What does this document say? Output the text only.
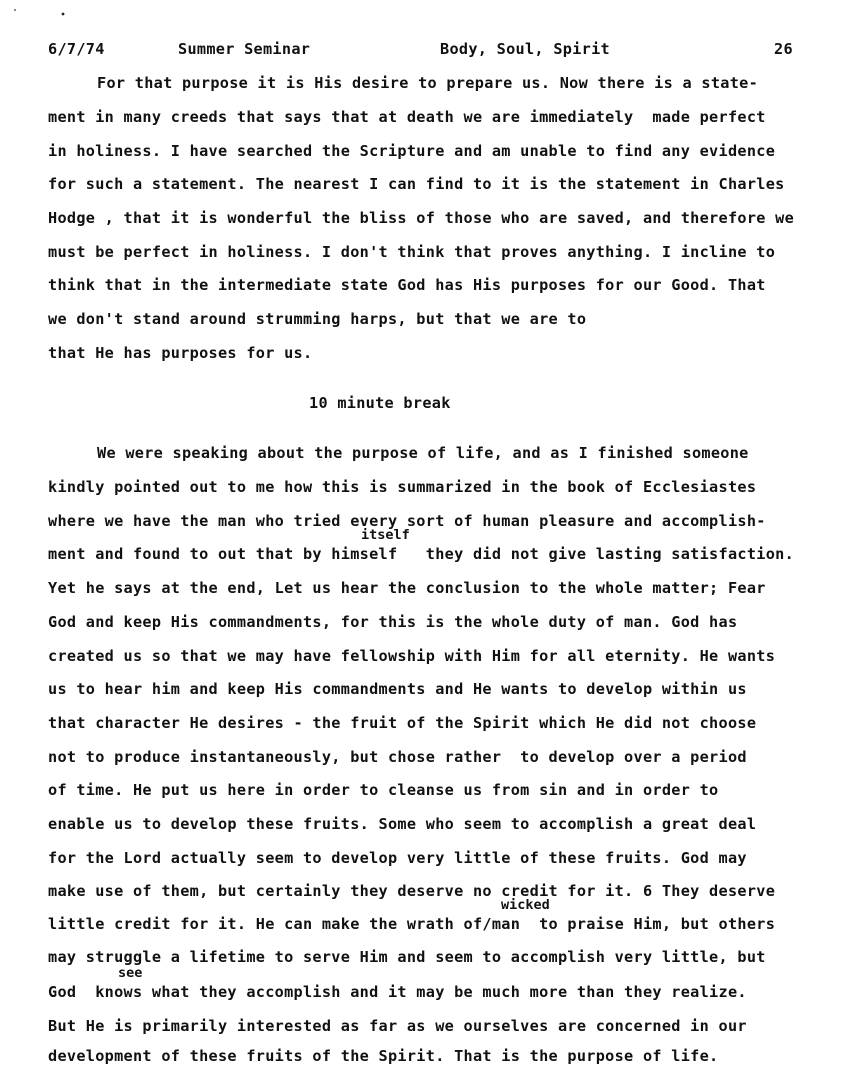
6/7/74	Summer Seminar	Body, Soul, Spirit	26
For that purpose it is His desire to prepare us. Now there is a state-
ment in many creeds that says that at death we are immediately  made perfect
in holiness. I have searched the Scripture and am unable to find any evidence
for such a statement. The nearest I can find to it is the statement in Charles
Hodge , that it is wonderful the bliss of those who are saved, and therefore we
must be perfect in holiness. I don't think that proves anything. I incline to
think that in the intermediate state God has His purposes for our Good. That
we don't stand around strumming harps, but that we are to
that He has purposes for us.
10 minute break
We were speaking about the purpose of life, and as I finished someone
kindly pointed out to me how this is summarized in the book of Ecclesiastes
where we have the man who tried every sort of human pleasure and accomplish-
itself
ment and found to out that by himself   they did not give lasting satisfaction.
Yet he says at the end, Let us hear the conclusion to the whole matter; Fear
God and keep His commandments, for this is the whole duty of man. God has
created us so that we may have fellowship with Him for all eternity. He wants
us to hear him and keep His commandments and He wants to develop within us
that character He desires - the fruit of the Spirit which He did not choose
not to produce instantaneously, but chose rather  to develop over a period
of time. He put us here in order to cleanse us from sin and in order to
enable us to develop these fruits. Some who seem to accomplish a great deal
for the Lord actually seem to develop very little of these fruits. God may
make use of them, but certainly they deserve no credit for it. 6 They deserve
wicked
little credit for it. He can make the wrath of/man  to praise Him, but others
may struggle a lifetime to serve Him and seem to accomplish very little, but
see
God  knows what they accomplish and it may be much more than they realize.
But He is primarily interested as far as we ourselves are concerned in our
development of these fruits of the Spirit. That is the purpose of life.
